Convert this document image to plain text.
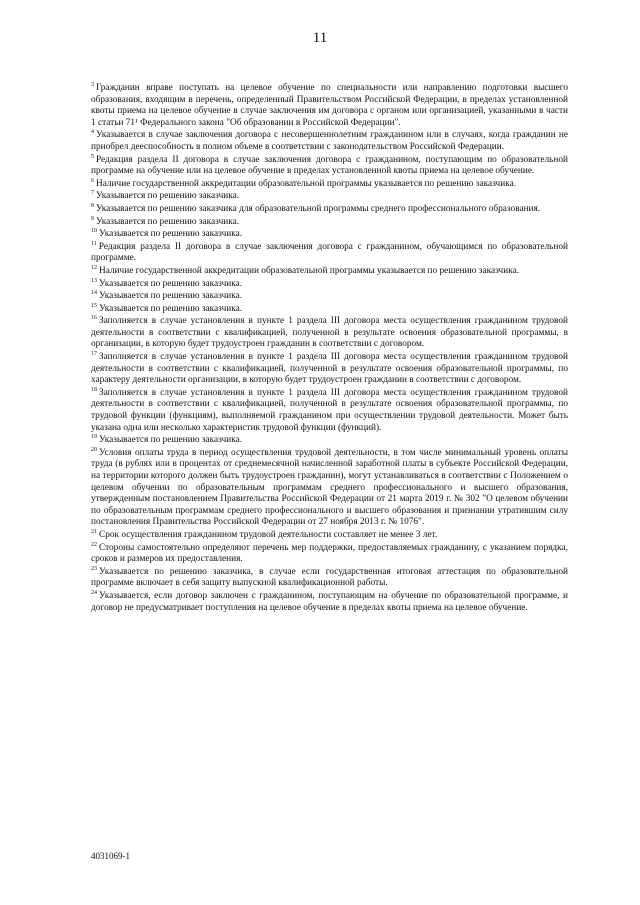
11

$^3$ Гражданин вправе поступать на целевое обучение по специальности или направлению подготовки высшего образования, входящим в перечень, определенный Правительством Российской Федерации, в пределах установленной квоты приема на целевое обучение в случае заключения им договора с органом или организацией, указанными в части 1 статьи 71¹ Федерального закона "Об образовании в Российской Федерации".

$^4$ Указывается в случае заключения договора с несовершеннолетним гражданином или в случаях, когда гражданин не приобрел дееспособность в полном объеме в соответствии с законодательством Российской Федерации.

$^5$ Редакция раздела II договора в случае заключения договора с гражданином, поступающим по образовательной программе на обучение или на целевое обучение в пределах установленной квоты приема на целевое обучение.

$^6$ Наличие государственной аккредитации образовательной программы указывается по решению заказчика.

$^7$ Указывается по решению заказчика.

$^8$ Указывается по решению заказчика для образовательной программы среднего профессионального образования.

$^9$ Указывается по решению заказчика.

$^{10}$ Указывается по решению заказчика.

$^{11}$ Редакция раздела II договора в случае заключения договора с гражданином, обучающимся по образовательной программе.

$^{12}$ Наличие государственной аккредитации образовательной программы указывается по решению заказчика.

$^{13}$ Указывается по решению заказчика.

$^{14}$ Указывается по решению заказчика.

$^{15}$ Указывается по решению заказчика.

$^{16}$ Заполняется в случае установления в пункте 1 раздела III договора места осуществления гражданином трудовой деятельности в соответствии с квалификацией, полученной в результате освоения образовательной программы, в организации, в которую будет трудоустроен гражданин в соответствии с договором.

$^{17}$ Заполняется в случае установления в пункте 1 раздела III договора места осуществления гражданином трудовой деятельности в соответствии с квалификацией, полученной в результате освоения образовательной программы, по характеру деятельности организации, в которую будет трудоустроен гражданин в соответствии с договором.

$^{18}$ Заполняется в случае установления в пункте 1 раздела III договора места осуществления гражданином трудовой деятельности в соответствии с квалификацией, полученной в результате освоения образовательной программы, по трудовой функции (функциям), выполняемой гражданином при осуществлении трудовой деятельности. Может быть указана одна или несколько характеристик трудовой функции (функций).

$^{19}$ Указывается по решению заказчика.

$^{20}$ Условия оплаты труда в период осуществления трудовой деятельности, в том числе минимальный уровень оплаты труда (в рублях или в процентах от среднемесячной начисленной заработной платы в субъекте Российской Федерации, на территории которого должен быть трудоустроен гражданин), могут устанавливаться в соответствии с Положением о целевом обучении по образовательным программам среднего профессионального и высшего образования, утвержденным постановлением Правительства Российской Федерации от 21 марта 2019 г. № 302 "О целевом обучении по образовательным программам среднего профессионального и высшего образования и признании утратившим силу постановления Правительства Российской Федерации от 27 ноября 2013 г. № 1076".

$^{21}$ Срок осуществления гражданином трудовой деятельности составляет не менее 3 лет.

$^{22}$ Стороны самостоятельно определяют перечень мер поддержки, предоставляемых гражданину, с указанием порядка, сроков и размеров их предоставления.

$^{23}$ Указывается по решению заказчика, в случае если государственная итоговая аттестация по образовательной программе включает в себя защиту выпускной квалификационной работы.

$^{24}$ Указывается, если договор заключен с гражданином, поступающим на обучение по образовательной программе, и договор не предусматривает поступления на целевое обучение в пределах квоты приема на целевое обучение.

4031069-1
